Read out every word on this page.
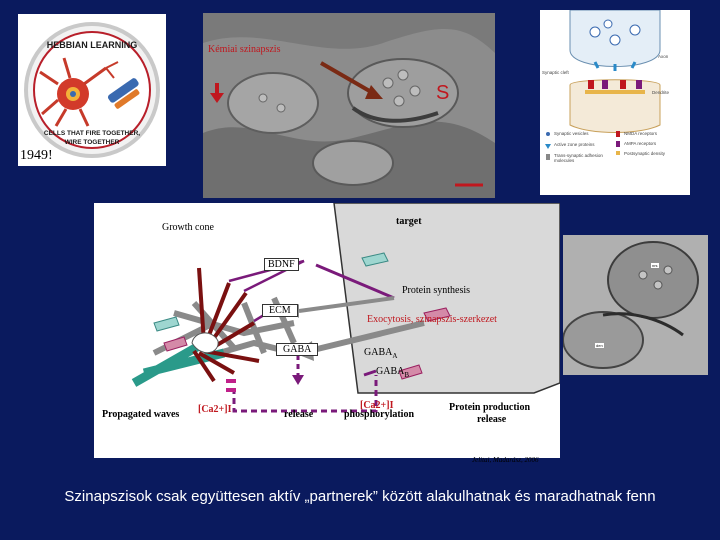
HEBBIAN LEARNING
CELLS THAT FIRE TOGETHER,
WIRE TOGETHER
1949!
Kémiai szinapszis
S
Axon
Synaptic cleft
Dendrite
Synaptic vesicles
Active zone proteins
Trans-synaptic adhesion molecules
NMDA receptors
AMPA receptors
Postsynaptic density
Growth cone
target
BDNF
Protein synthesis
ECM
Exocytosis, szinapszis-szerkezet
GABA	$GABA_A$
$GABA_B$
Propagated waves [Ca2+]I	release
[Ca2+]I
phosphorylation
Protein production
release
Jelitai, Madarász, 2006
nrs
den
Szinapszisok csak együttesen aktív „partnerek” között alakulhatnak és maradhatnak fenn
